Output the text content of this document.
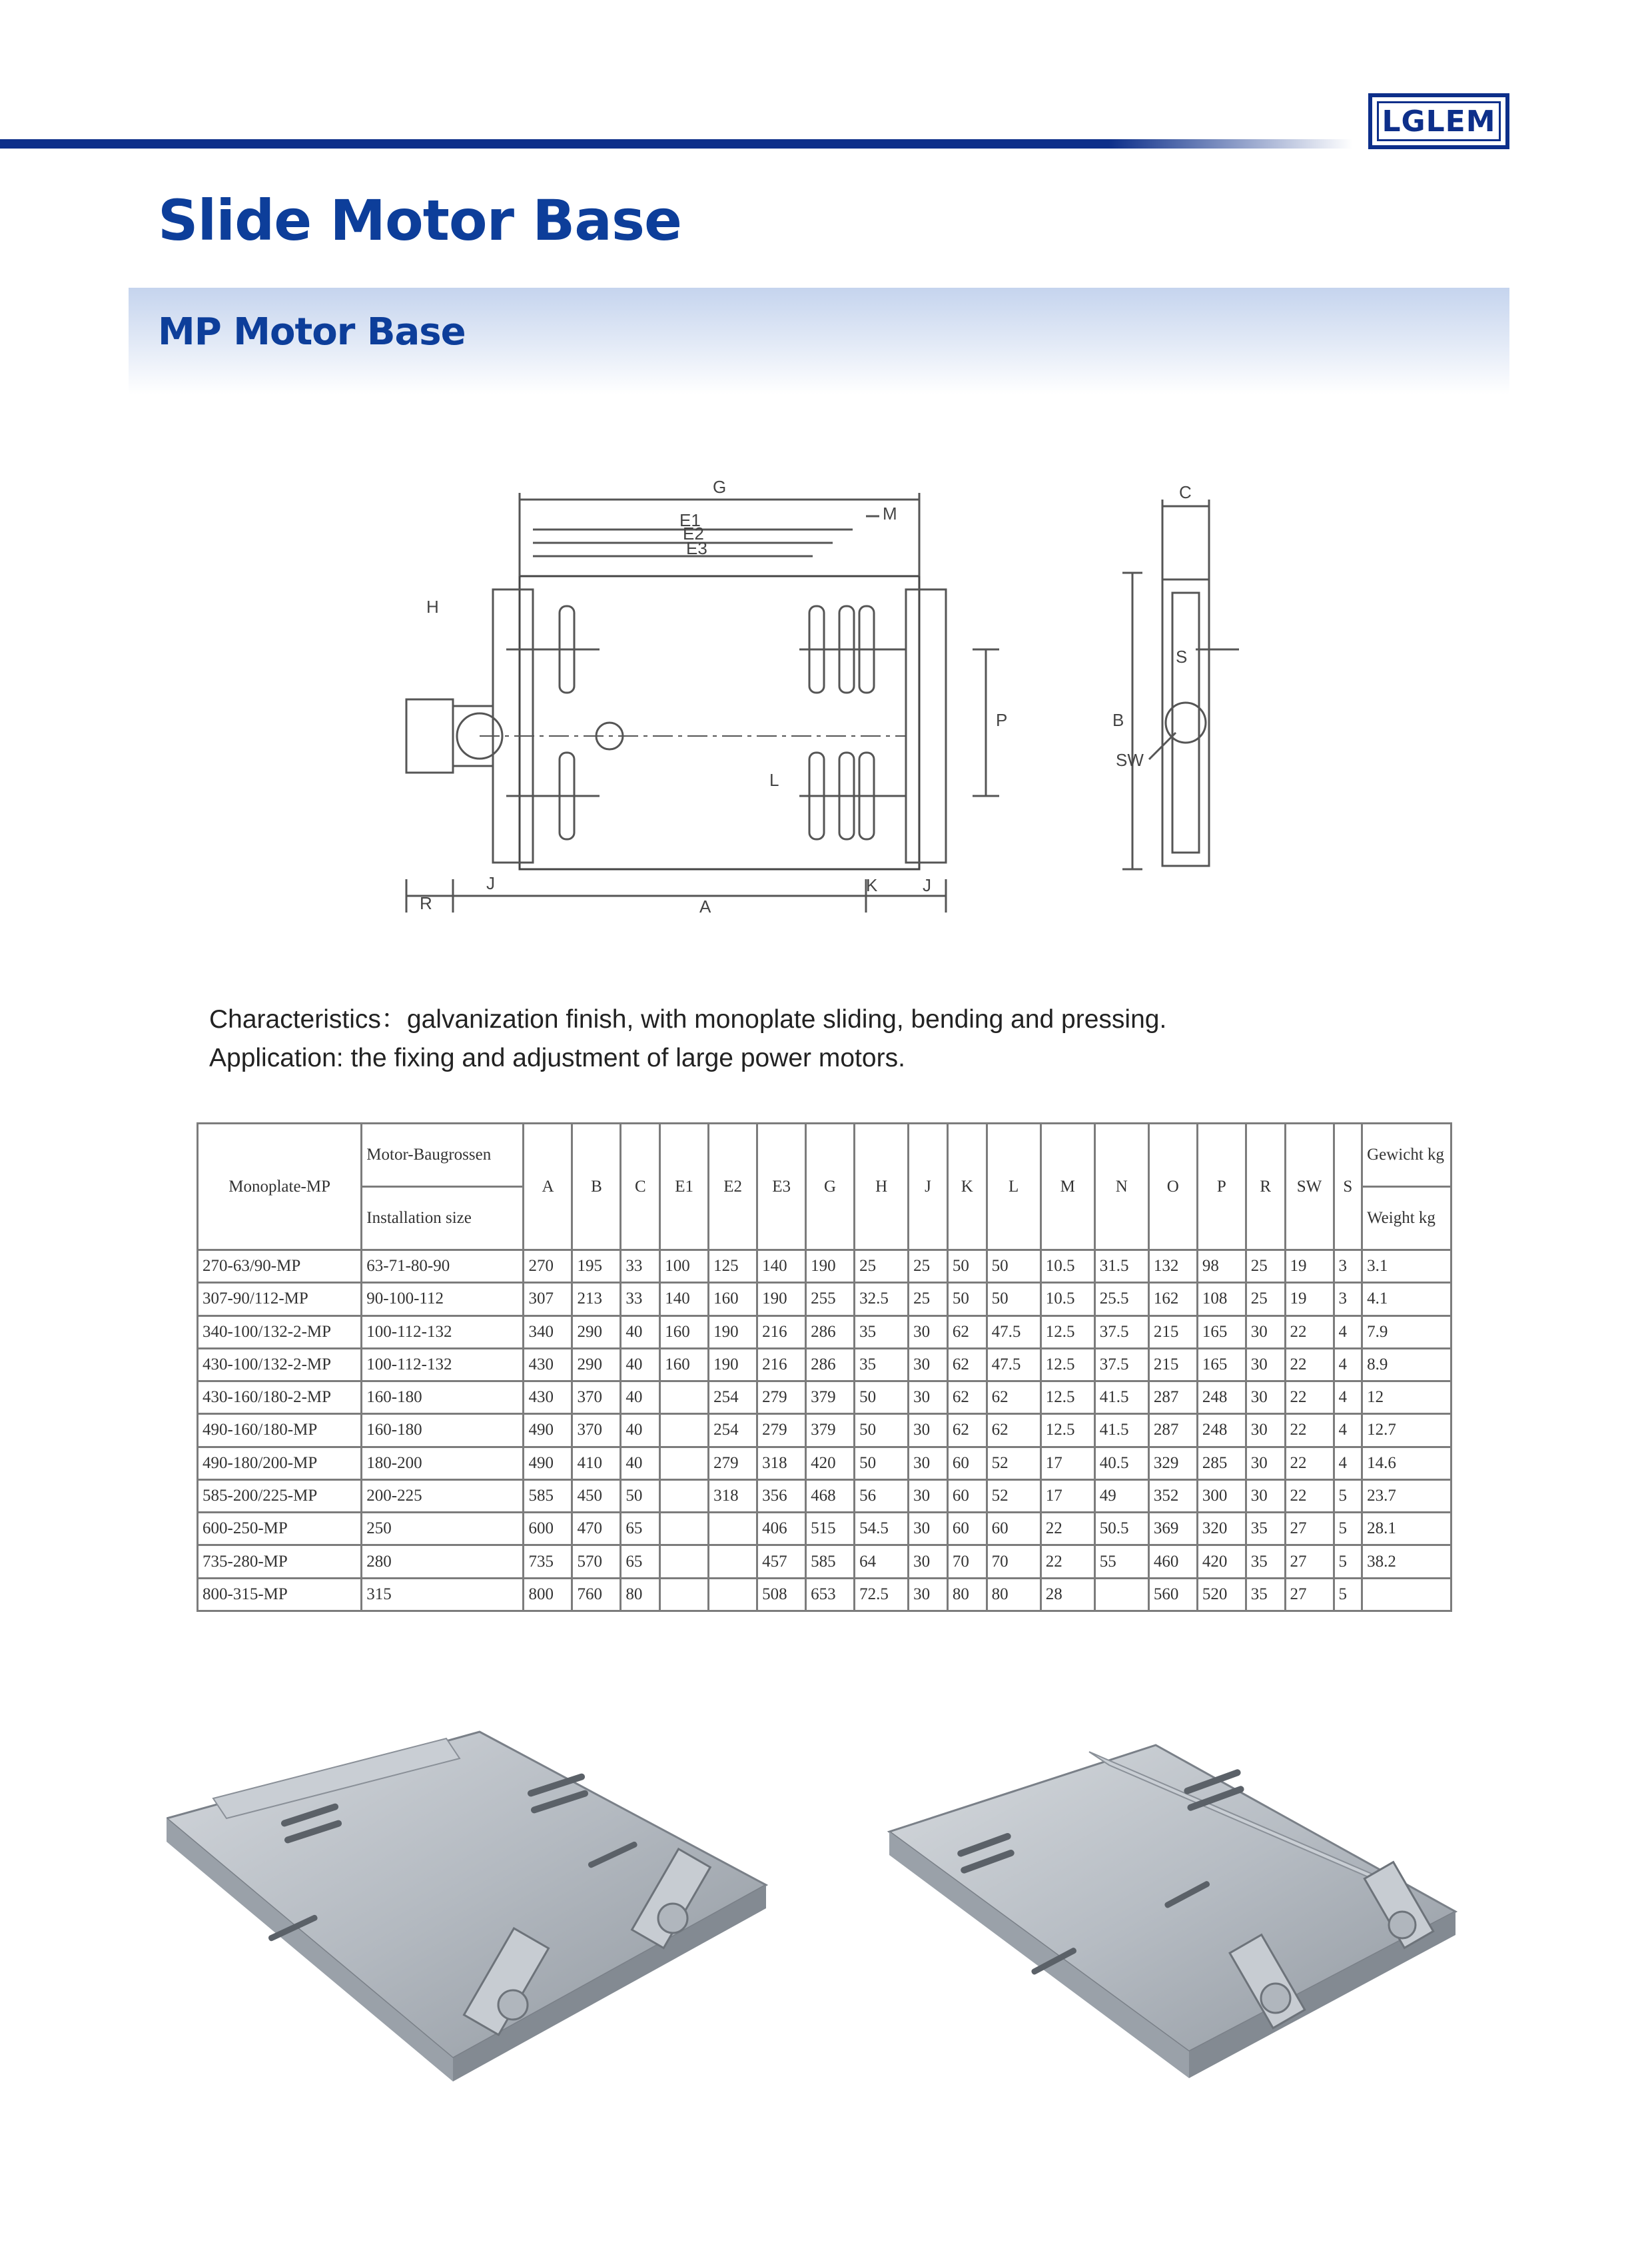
LGLEM
Slide Motor Base
MP Motor Base
G
E1
E2
E3
M
C
H
P	B
S
SW
L
R
J
A
K	J

Characteristics：galvanization finish, with monoplate sliding, bending and pressing.

Application: the fixing and adjustment of large power motors.

Monoplate-MP	Motor-Baugrossen	A	B	C	E1	E2	E3	G	H	J	K	L	M	N	O	P	R	SW	S	Gewicht kg
	Installation size																			Weight kg
270-63/90-MP	63-71-80-90	270	195	33	100	125	140	190	25	25	50	50	10.5	31.5	132	98	25	19	3	3.1
307-90/112-MP	90-100-112	307	213	33	140	160	190	255	32.5	25	50	50	10.5	25.5	162	108	25	19	3	4.1
340-100/132-2-MP	100-112-132	340	290	40	160	190	216	286	35	30	62	47.5	12.5	37.5	215	165	30	22	4	7.9
430-100/132-2-MP	100-112-132	430	290	40	160	190	216	286	35	30	62	47.5	12.5	37.5	215	165	30	22	4	8.9
430-160/180-2-MP	160-180	430	370	40		254	279	379	50	30	62	62	12.5	41.5	287	248	30	22	4	12
490-160/180-MP	160-180	490	370	40		254	279	379	50	30	62	62	12.5	41.5	287	248	30	22	4	12.7
490-180/200-MP	180-200	490	410	40		279	318	420	50	30	60	52	17	40.5	329	285	30	22	4	14.6
585-200/225-MP	200-225	585	450	50		318	356	468	56	30	60	52	17	49	352	300	30	22	5	23.7
600-250-MP	250	600	470	65			406	515	54.5	30	60	60	22	50.5	369	320	35	27	5	28.1
735-280-MP	280	735	570	65			457	585	64	30	70	70	22	55	460	420	35	27	5	38.2
800-315-MP	315	800	760	80			508	653	72.5	30	80	80	28		560	520	35	27	5	
